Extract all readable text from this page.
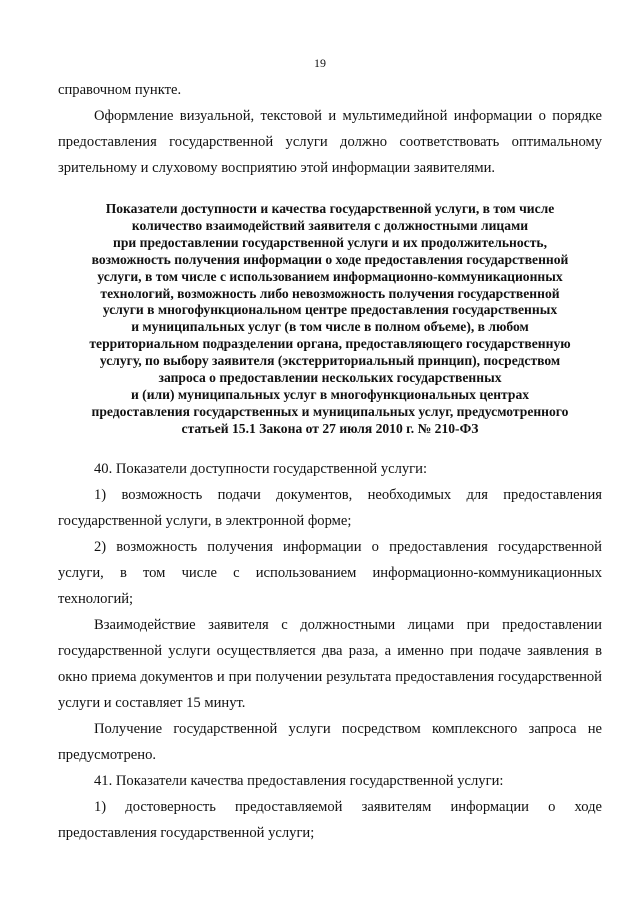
19

справочном пункте.

Оформление визуальной, текстовой и мультимедийной информации о порядке предоставления государственной услуги должно соответствовать оптимальному зрительному и слуховому восприятию этой информации заявителями.

Показатели доступности и качества государственной услуги, в том числе
количество взаимодействий заявителя с должностными лицами
при предоставлении государственной услуги и их продолжительность,
возможность получения информации о ходе предоставления государственной
услуги, в том числе с использованием информационно-коммуникационных
технологий, возможность либо невозможность получения государственной
услуги в многофункциональном центре предоставления государственных
и муниципальных услуг (в том числе в полном объеме), в любом
территориальном подразделении органа, предоставляющего государственную
услугу, по выбору заявителя (экстерриториальный принцип), посредством
запроса о предоставлении нескольких государственных
и (или) муниципальных услуг в многофункциональных центрах
предоставления государственных и муниципальных услуг, предусмотренного
статьей 15.1 Закона от 27 июля 2010 г. № 210-ФЗ

40. Показатели доступности государственной услуги:

1) возможность подачи документов, необходимых для предоставления государственной услуги, в электронной форме;

2) возможность получения информации о предоставления государственной услуги, в том числе с использованием информационно-коммуникационных технологий;

Взаимодействие заявителя с должностными лицами при предоставлении государственной услуги осуществляется два раза, а именно при подаче заявления в окно приема документов и при получении результата предоставления государственной услуги и составляет 15 минут.

Получение государственной услуги посредством комплексного запроса не предусмотрено.

41. Показатели качества предоставления государственной услуги:

1) достоверность предоставляемой заявителям информации о ходе предоставления государственной услуги;
